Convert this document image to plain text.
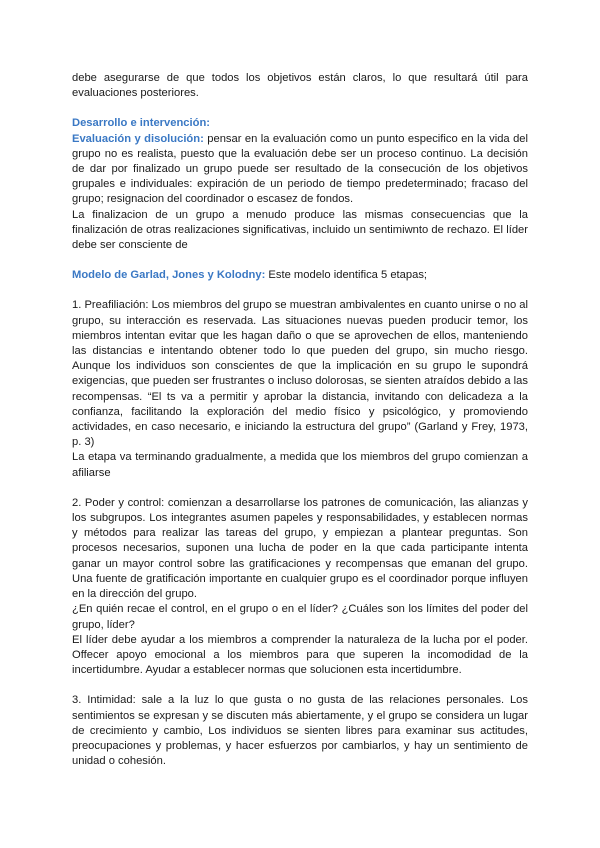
debe asegurarse de que todos los objetivos están claros, lo que resultará útil para evaluaciones posteriores.

Desarrollo e intervención:

Evaluación y disolución: pensar en la evaluación como un punto especifico en la vida del grupo no es realista, puesto que la evaluación debe ser un proceso continuo. La decisión de dar por finalizado un grupo puede ser resultado de la consecución de los objetivos grupales e individuales: expiración de un periodo de tiempo predeterminado; fracaso del grupo; resignacion del coordinador o escasez de fondos.

La finalizacion de un grupo a menudo produce las mismas consecuencias que la finalización de otras realizaciones significativas, incluido un sentimiwnto de rechazo. El líder debe ser consciente de

Modelo de Garlad, Jones y Kolodny: Este modelo identifica 5 etapas;

1. Preafiliación: Los miembros del grupo se muestran ambivalentes en cuanto unirse o no al grupo, su interacción es reservada. Las situaciones nuevas pueden producir temor, los miembros intentan evitar que les hagan daño o que se aprovechen de ellos, manteniendo las distancias e intentando obtener todo lo que pueden del grupo, sin mucho riesgo. Aunque los individuos son conscientes de que la implicación en su grupo le supondrá exigencias, que pueden ser frustrantes o incluso dolorosas, se sienten atraídos debido a las recompensas. “El ts va a permitir y aprobar la distancia, invitando con delicadeza a la confianza, facilitando la exploración del medio físico y psicológico, y promoviendo actividades, en caso necesario, e iniciando la estructura del grupo” (Garland y Frey, 1973, p. 3)

La etapa va terminando gradualmente, a medida que los miembros del grupo comienzan a afiliarse

2. Poder y control: comienzan a desarrollarse los patrones de comunicación, las alianzas y los subgrupos. Los integrantes asumen papeles y responsabilidades, y establecen normas y métodos para realizar las tareas del grupo, y empiezan a plantear preguntas. Son procesos necesarios, suponen una lucha de poder en la que cada participante intenta ganar un mayor control sobre las gratificaciones y recompensas que emanan del grupo. Una fuente de gratificación importante en cualquier grupo es el coordinador porque influyen en la dirección del grupo.

¿En quién recae el control, en el grupo o en el líder? ¿Cuáles son los límites del poder del grupo, líder?

El líder debe ayudar a los miembros a comprender la naturaleza de la lucha por el poder. Offecer apoyo emocional a los miembros para que superen la incomodidad de la incertidumbre. Ayudar a establecer normas que solucionen esta incertidumbre.

3. Intimidad: sale a la luz lo que gusta o no gusta de las relaciones personales. Los sentimientos se expresan y se discuten más abiertamente, y el grupo se considera un lugar de crecimiento y cambio, Los individuos se sienten libres para examinar sus actitudes, preocupaciones y problemas, y hacer esfuerzos por cambiarlos, y hay un sentimiento de unidad o cohesión.
